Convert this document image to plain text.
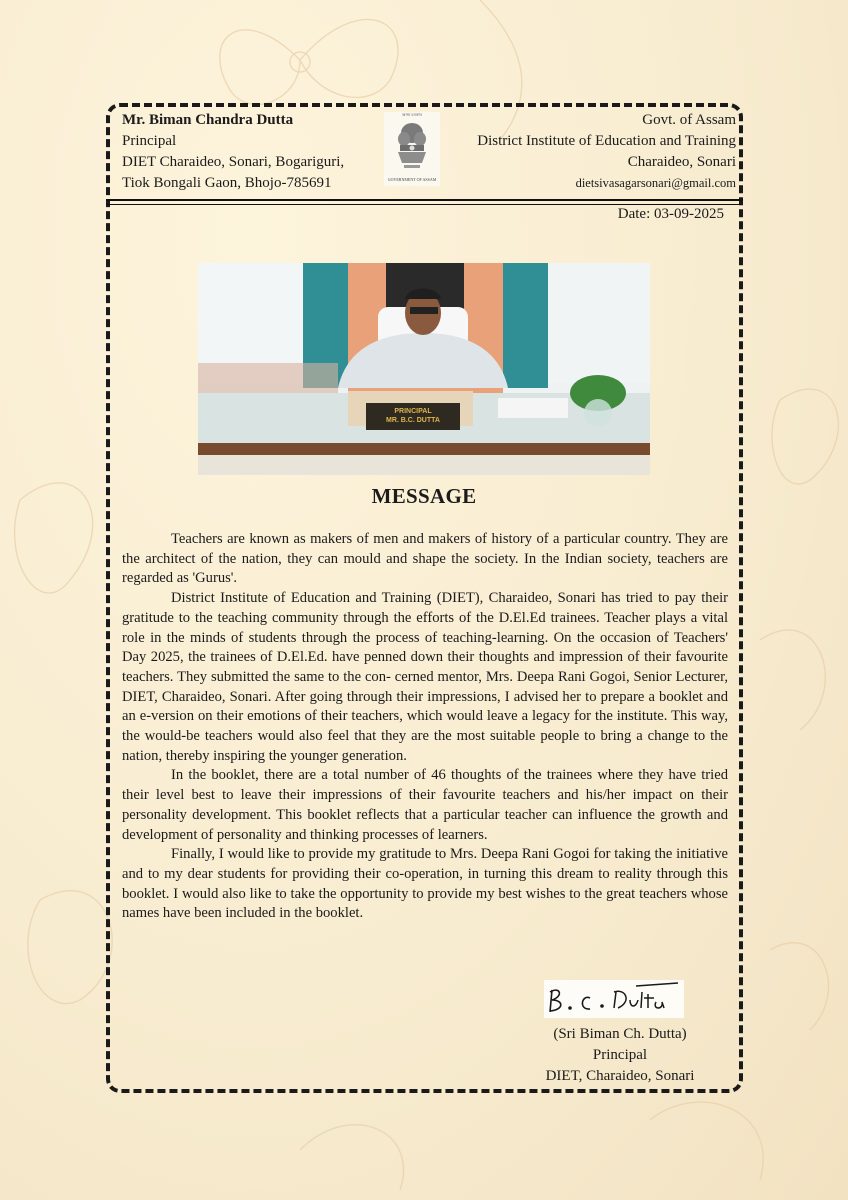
Mr. Biman Chandra Dutta
Principal
DIET Charaideo, Sonari, Bogariguri,
Tiok Bongali Gaon, Bhojo-785691
অসম চৰকাৰ
GOVERNMENT OF ASSAM
Govt. of Assam
District Institute of Education and Training
Charaideo, Sonari
dietsivasagarsonari@gmail.com
Date: 03-09-2025
PRINCIPAL
MR. B.C. DUTTA
MESSAGE

Teachers are known as makers of men and makers of history of a particular country. They are the architect of the nation, they can mould and shape the society. In the Indian society, teachers are regarded as 'Gurus'.

District Institute of Education and Training (DIET), Charaideo, Sonari has tried to pay their gratitude to the teaching community through the efforts of the D.El.Ed trainees. Teacher plays a vital role in the minds of students through the process of teaching-learning. On the occasion of Teachers' Day 2025, the trainees of D.El.Ed. have penned down their thoughts and impression of their favourite teachers. They submitted the same to the con- cerned mentor, Mrs. Deepa Rani Gogoi, Senior Lecturer, DIET, Charaideo, Sonari. After going through their impressions, I advised her to prepare a booklet and an e-version on their emotions of their teachers, which would leave a legacy for the institute. This way, the would-be teachers would also feel that they are the most suitable people to bring a change to the nation, thereby inspiring the younger generation.

In the booklet, there are a total number of 46 thoughts of the trainees where they have tried their level best to leave their impressions of their favourite teachers and his/her impact on their personality development. This booklet reflects that a particular teacher can influence the growth and development of personality and thinking processes of learners.

Finally, I would like to provide my gratitude to Mrs. Deepa Rani Gogoi for taking the initiative and to my dear students for providing their co-operation, in turning this dream to reality through this booklet. I would also like to take the opportunity to provide my best wishes to the great teachers whose names have been included in the booklet.

(Sri Biman Ch. Dutta)
Principal
DIET, Charaideo, Sonari
